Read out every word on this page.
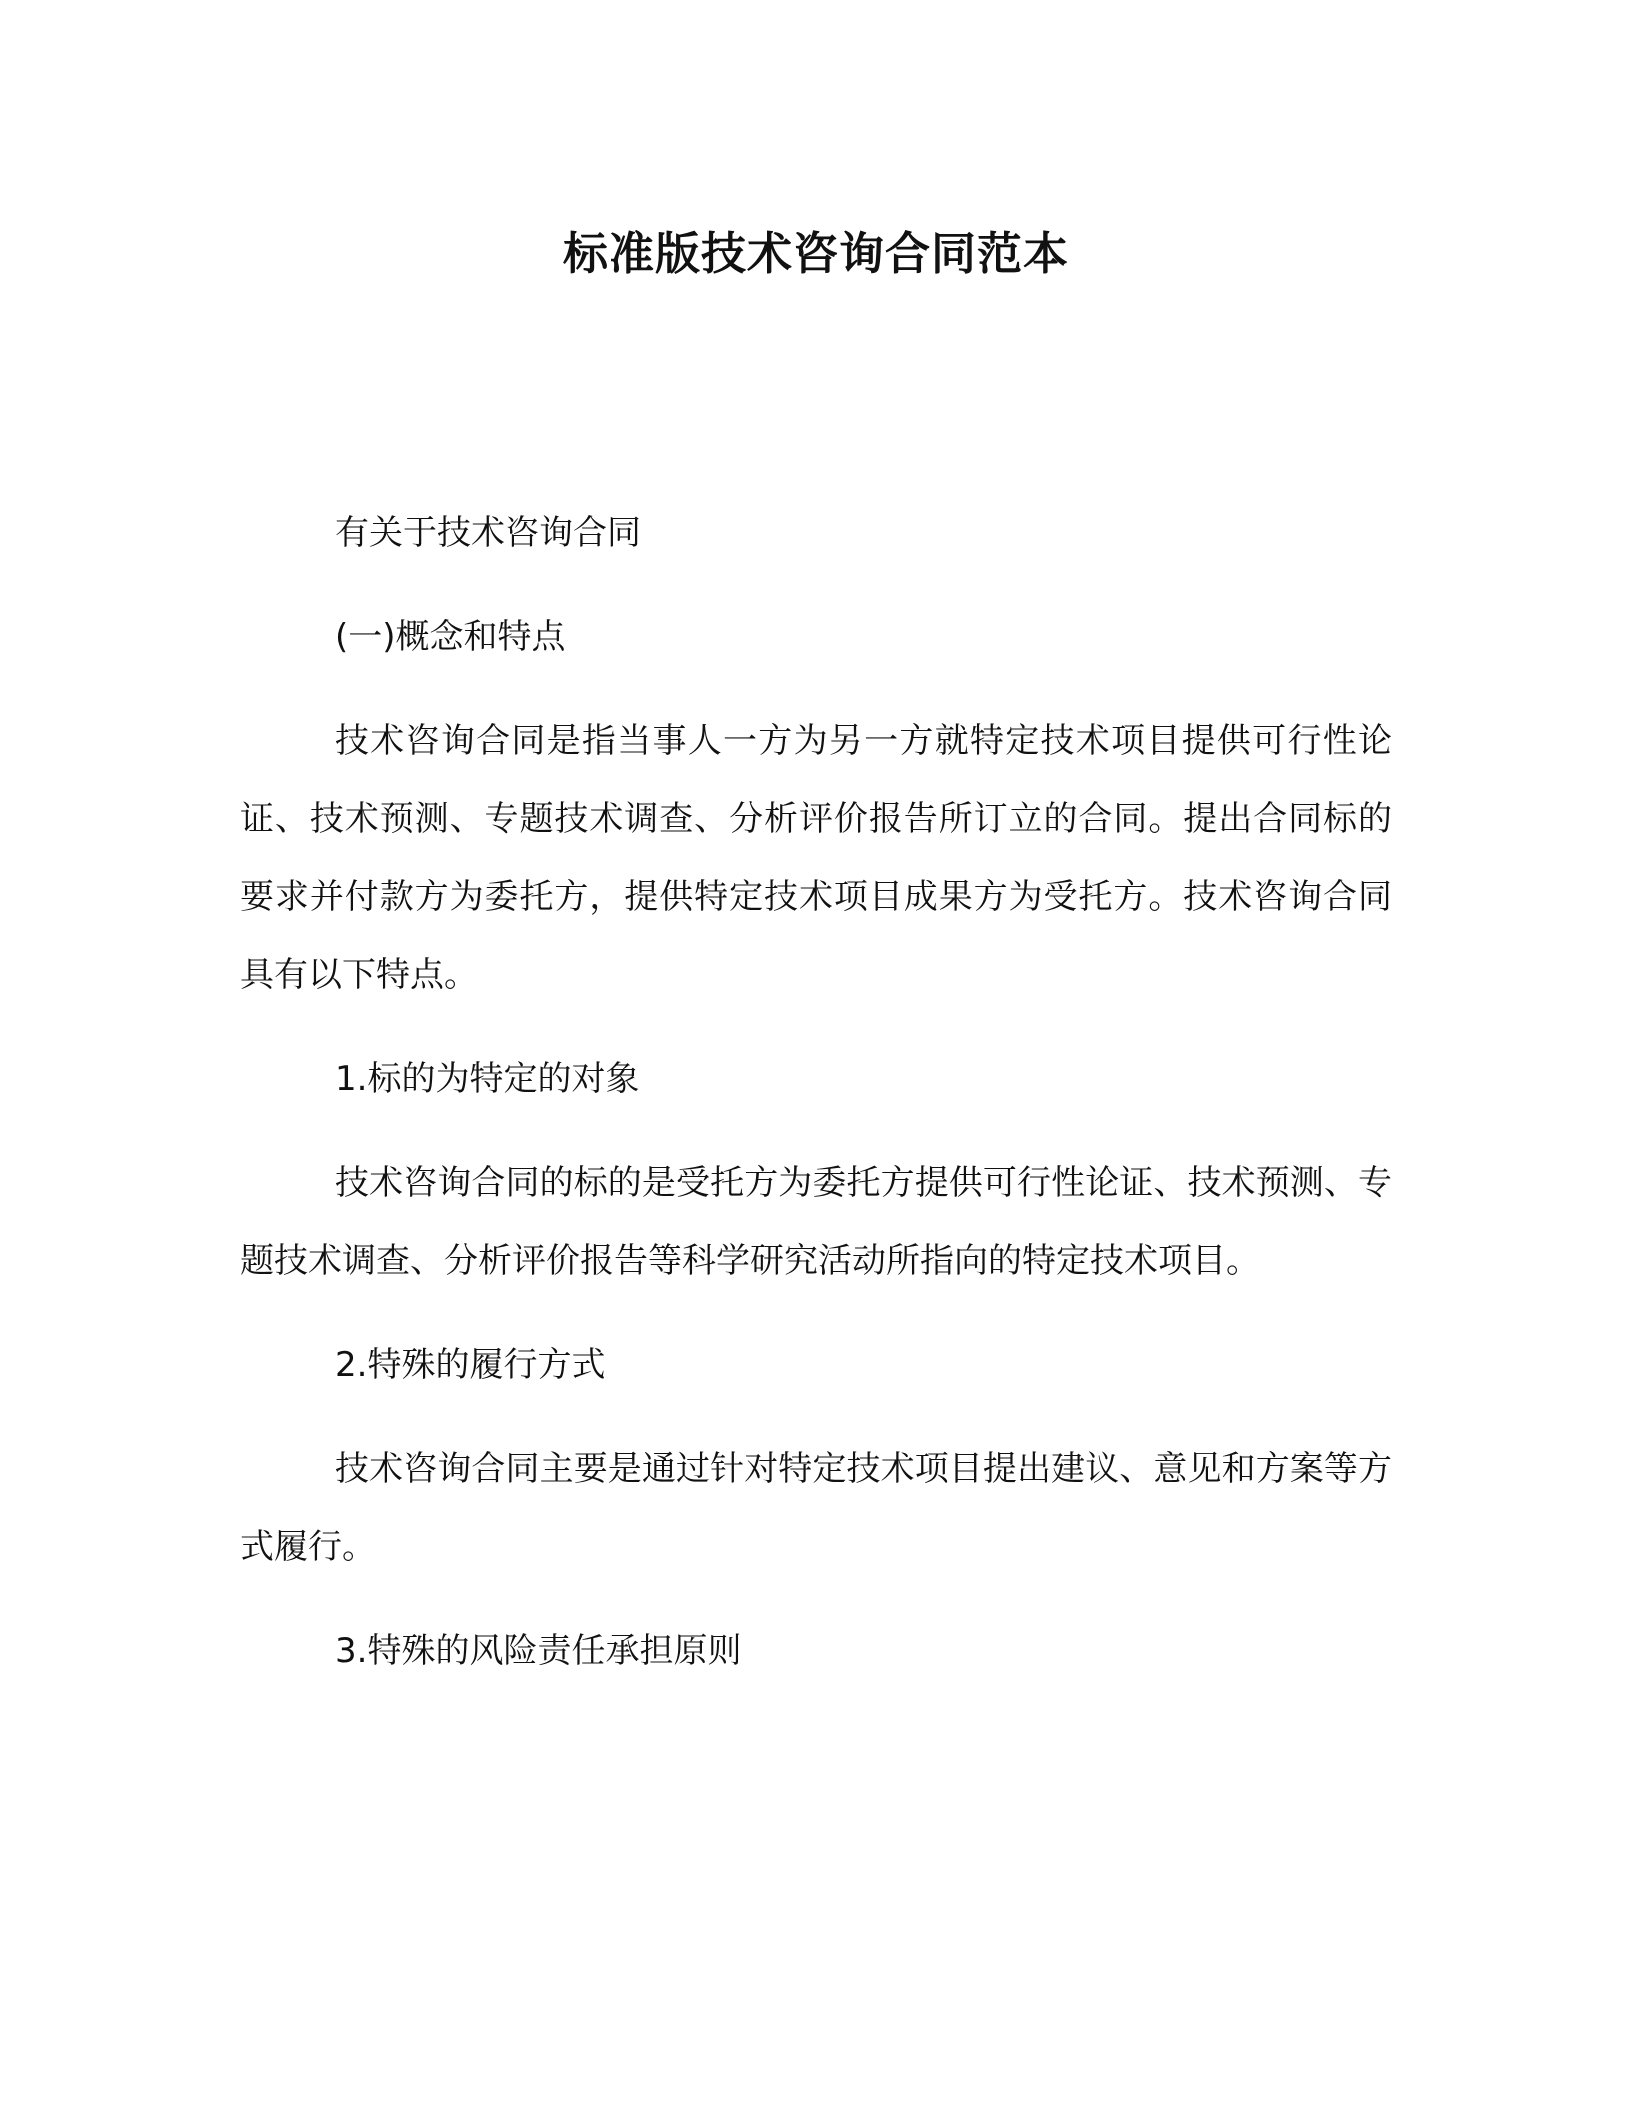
标准版技术咨询合同范本

有关于技术咨询合同

(一)概念和特点

技术咨询合同是指当事人一方为另一方就特定技术项目提供可行性论证、技术预测、专题技术调查、分析评价报告所订立的合同。提出合同标的要求并付款方为委托方，提供特定技术项目成果方为受托方。技术咨询合同具有以下特点。

1.标的为特定的对象

技术咨询合同的标的是受托方为委托方提供可行性论证、技术预测、专题技术调查、分析评价报告等科学研究活动所指向的特定技术项目。

2.特殊的履行方式

技术咨询合同主要是通过针对特定技术项目提出建议、意见和方案等方式履行。

3.特殊的风险责任承担原则
